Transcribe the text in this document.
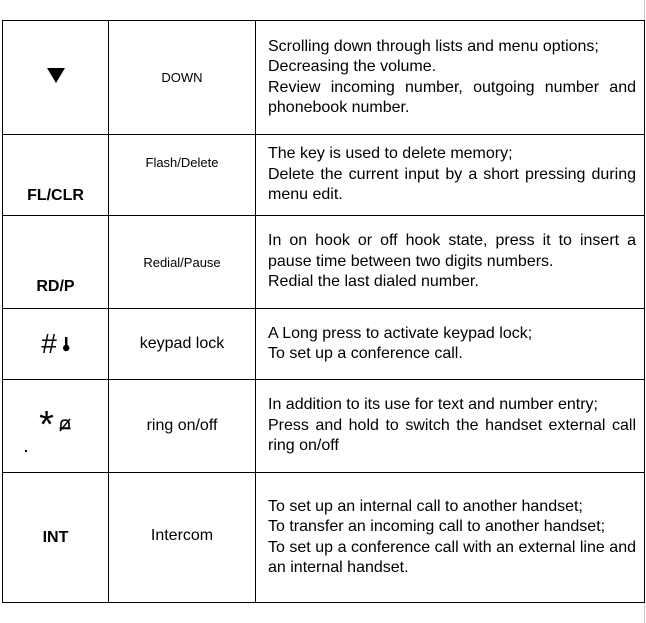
	DOWN	Scrolling down through lists and menu options;
Decreasing the volume.
Review incoming number, outgoing number and phonebook number.

FL/CLR	Flash/Delete	The key is used to delete memory;
Delete the current input by a short pressing during menu edit.

RD/P	Redial/Pause	In on hook or off hook state, press it to insert a pause time between two digits numbers.
Redial the last dialed number.

#	keypad lock	A Long press to activate keypad lock;
To set up a conference call.

*	ring on/off	In addition to its use for text and number entry;
Press and hold to switch the handset external call ring on/off

INT	Intercom	To set up an internal call to another handset;
To transfer an incoming call to another handset;
To set up a conference call with an external line and an internal handset.
